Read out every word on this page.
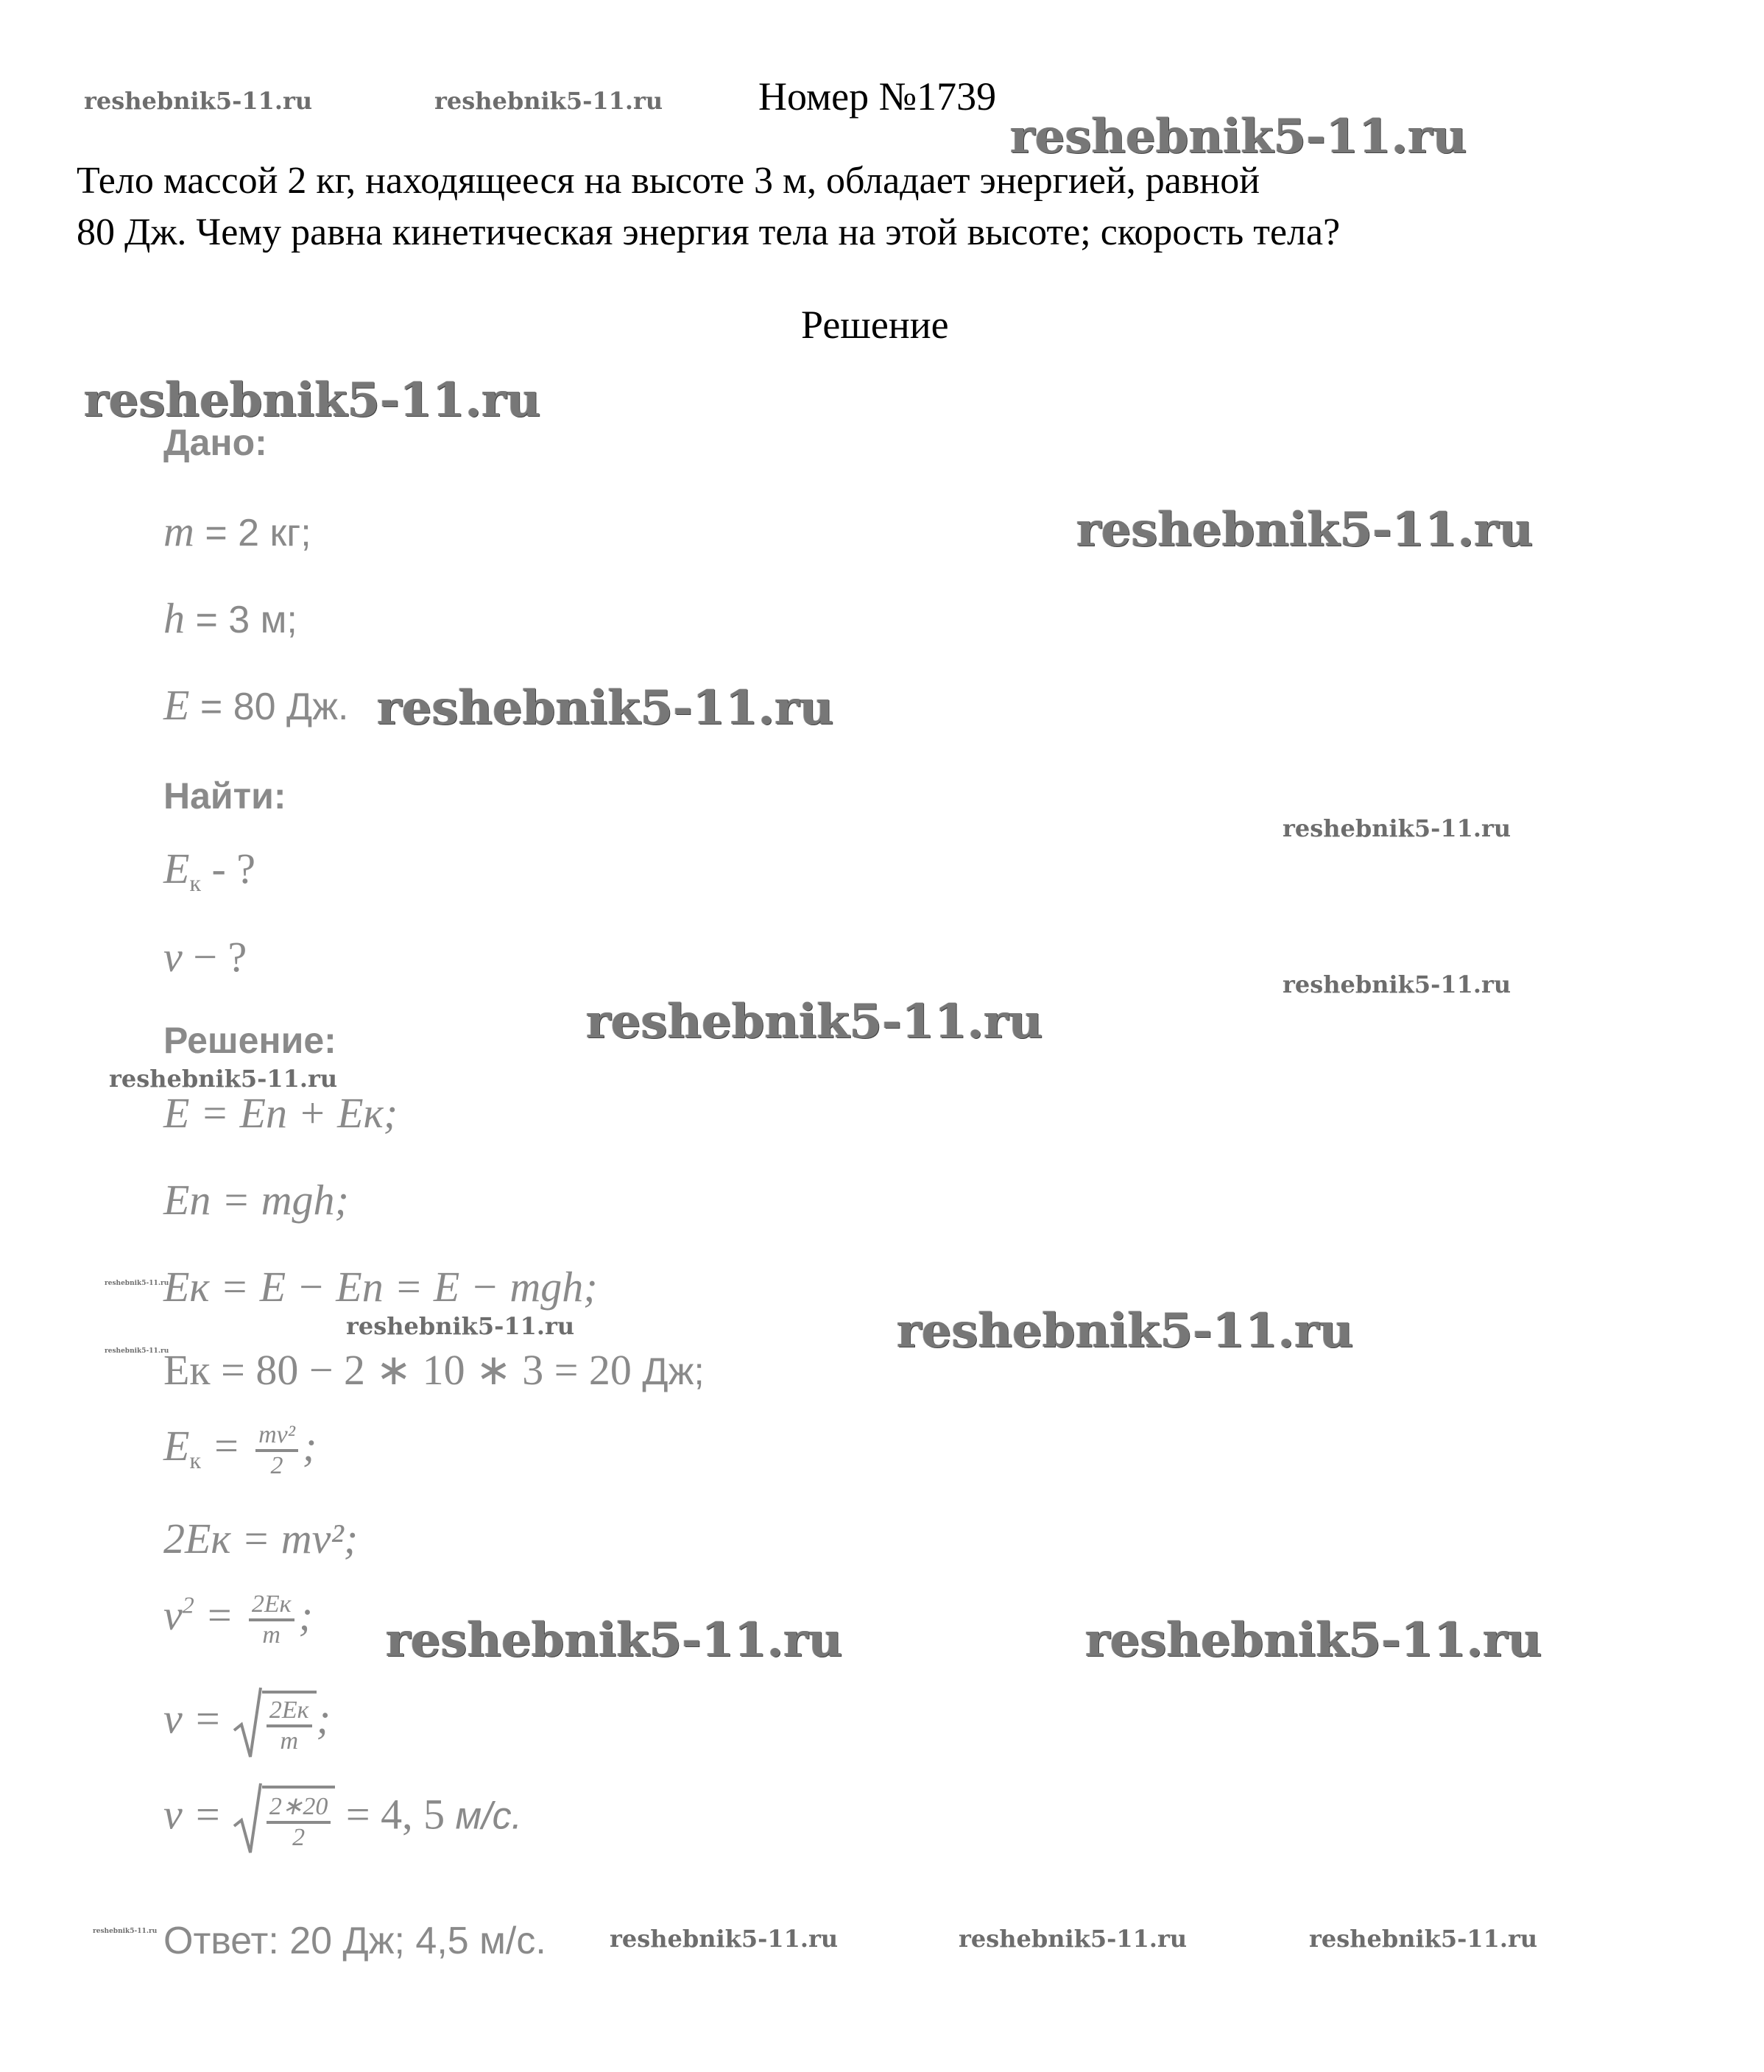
Номер №1739
Тело массой 2 кг, находящееся на высоте 3 м, обладает энергией, равной
80 Дж. Чему равна кинетическая энергия тела на этой высоте; скорость тела?
Решение
Дано:
m = 2 кг;
h = 3 м;
E = 80 Дж.
Найти:
$E_к$ - ?
v − ?
Решение:
E = Eп + Eк;
Eп = mgh;
Eк = E − Eп = E − mgh;
Eк = 80 − 2 ∗ 10 ∗ 3 = 20 Дж;
$E_к = \frac{\text{mv²}}{2}$ ;
2Eк = mv²;
$v^2 = \frac{2Eк}{m}$ ;
$v = \frac{2Eк}{m}$ ;
$v = \frac{2∗20}{2} = 4$, 5 м/с.
Ответ: 20 Дж; 4,5 м/с.
reshebnik5-11.ru	reshebnik5-11.ru
reshebnik5-11.ru
reshebnik5-11.ru
reshebnik5-11.ru
reshebnik5-11.ru
reshebnik5-11.ru
reshebnik5-11.ru
reshebnik5-11.ru
reshebnik5-11.ru
reshebnik5-11.ru
reshebnik5-11.ru	reshebnik5-11.ru
reshebnik5-11.ru
reshebnik5-11.ru	reshebnik5-11.ru
reshebnik5-11.ru	reshebnik5-11.ru	reshebnik5-11.ru	reshebnik5-11.ru
